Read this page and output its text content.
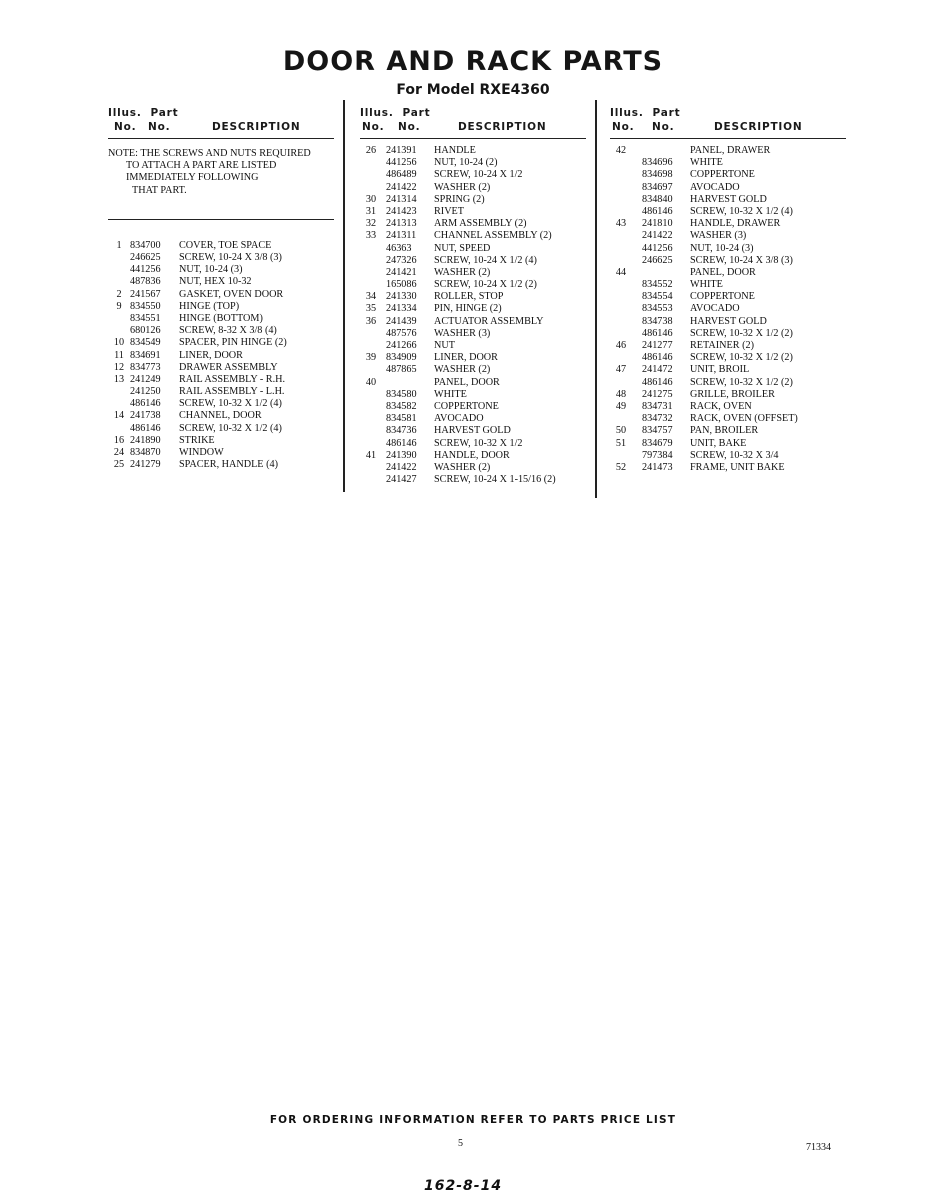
DOOR AND RACK PARTS
For Model RXE4360
Illus. Part
No. No.	DESCRIPTION
NOTE: THE SCREWS AND NUTS REQUIRED
TO ATTACH A PART ARE LISTED
IMMEDIATELY FOLLOWING
THAT PART.
1 834700 COVER, TOE SPACE
246625 SCREW, 10-24 X 3/8 (3)
441256 NUT, 10-24 (3)
487836 NUT, HEX 10-32
2 241567 GASKET, OVEN DOOR
9 834550 HINGE (TOP)
834551 HINGE (BOTTOM)
680126 SCREW, 8-32 X 3/8 (4)
10 834549 SPACER, PIN HINGE (2)
11 834691 LINER, DOOR
12 834773 DRAWER ASSEMBLY
13 241249 RAIL ASSEMBLY - R.H.
241250 RAIL ASSEMBLY - L.H.
486146 SCREW, 10-32 X 1/2 (4)
14 241738 CHANNEL, DOOR
486146 SCREW, 10-32 X 1/2 (4)
16 241890 STRIKE
24 834870 WINDOW
25 241279 SPACER, HANDLE (4)
Illus. Part
No. No.	DESCRIPTION
26 241391 HANDLE
441256 NUT, 10-24 (2)
486489 SCREW, 10-24 X 1/2
241422 WASHER (2)
30 241314 SPRING (2)
31 241423 RIVET
32 241313 ARM ASSEMBLY (2)
33 241311 CHANNEL ASSEMBLY (2)
46363 NUT, SPEED
247326 SCREW, 10-24 X 1/2 (4)
241421 WASHER (2)
165086 SCREW, 10-24 X 1/2 (2)
34 241330 ROLLER, STOP
35 241334 PIN, HINGE (2)
36 241439 ACTUATOR ASSEMBLY
487576 WASHER (3)
241266 NUT
39 834909 LINER, DOOR
487865 WASHER (2)
40	PANEL, DOOR
834580 WHITE
834582 COPPERTONE
834581 AVOCADO
834736 HARVEST GOLD
486146 SCREW, 10-32 X 1/2
41 241390 HANDLE, DOOR
241422 WASHER (2)
241427 SCREW, 10-24 X 1-15/16 (2)
Illus. Part
No. No.	DESCRIPTION
42	PANEL, DRAWER
834696 WHITE
834698 COPPERTONE
834697 AVOCADO
834840 HARVEST GOLD
486146 SCREW, 10-32 X 1/2 (4)
43	241810 HANDLE, DRAWER
241422 WASHER (3)
441256 NUT, 10-24 (3)
246625 SCREW, 10-24 X 3/8 (3)
44	PANEL, DOOR
834552 WHITE
834554 COPPERTONE
834553 AVOCADO
834738 HARVEST GOLD
486146 SCREW, 10-32 X 1/2 (2)
46	241277 RETAINER (2)
486146 SCREW, 10-32 X 1/2 (2)
47	241472 UNIT, BROIL
486146 SCREW, 10-32 X 1/2 (2)
48	241275 GRILLE, BROILER
49	834731 RACK, OVEN
834732 RACK, OVEN (OFFSET)
50	834757 PAN, BROILER
51	834679 UNIT, BAKE
797384 SCREW, 10-32 X 3/4
52	241473 FRAME, UNIT BAKE
FOR ORDERING INFORMATION REFER TO PARTS PRICE LIST
5	71334
162-8-14
